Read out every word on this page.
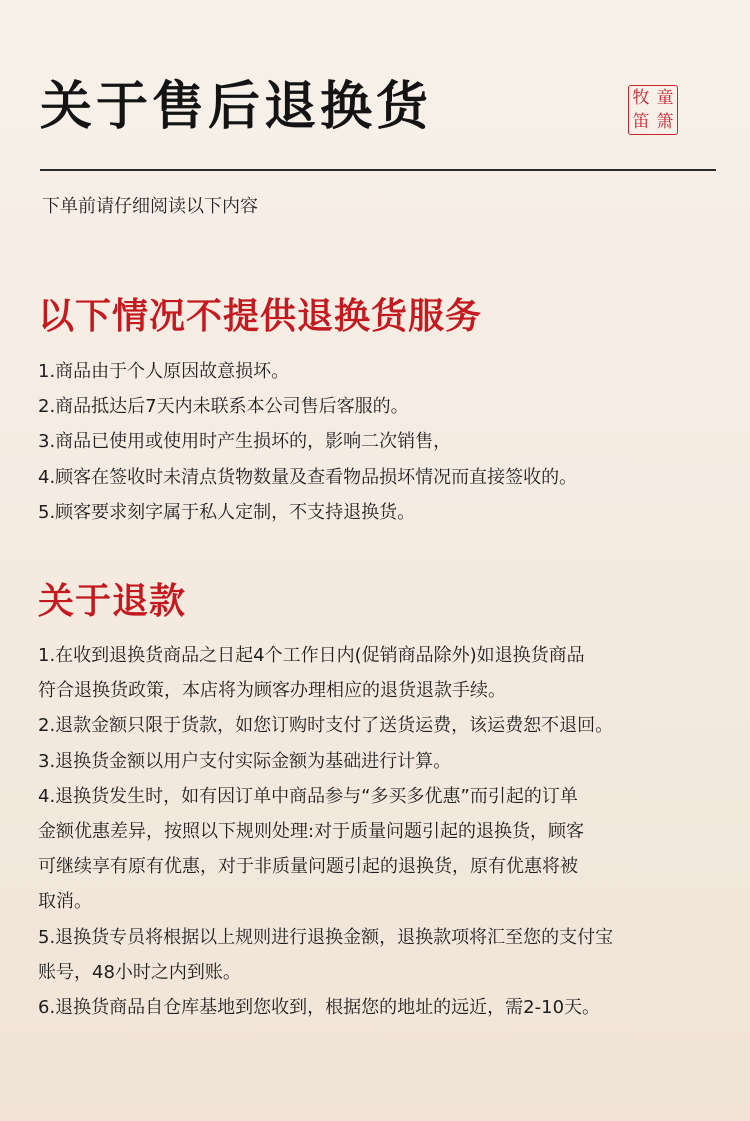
关于售后退换货	牧 童
笛 箫

下单前请仔细阅读以下内容

以下情况不提供退换货服务
1.商品由于个人原因故意损坏。
2.商品抵达后7天内未联系本公司售后客服的。
3.商品已使用或使用时产生损坏的，影响二次销售，
4.顾客在签收时未清点货物数量及查看物品损坏情况而直接签收的。
5.顾客要求刻字属于私人定制，不支持退换货。
关于退款
1.在收到退换货商品之日起4个工作日内(促销商品除外)如退换货商品
符合退换货政策，本店将为顾客办理相应的退货退款手续。
2.退款金额只限于货款，如您订购时支付了送货运费，该运费恕不退回。
3.退换货金额以用户支付实际金额为基础进行计算。
4.退换货发生时，如有因订单中商品参与“多买多优惠”而引起的订单
金额优惠差异，按照以下规则处理:对于质量问题引起的退换货，顾客
可继续享有原有优惠，对于非质量问题引起的退换货，原有优惠将被
取消。
5.退换货专员将根据以上规则进行退换金额，退换款项将汇至您的支付宝
账号，48小时之内到账。
6.退换货商品自仓库基地到您收到，根据您的地址的远近，需2-10天。
